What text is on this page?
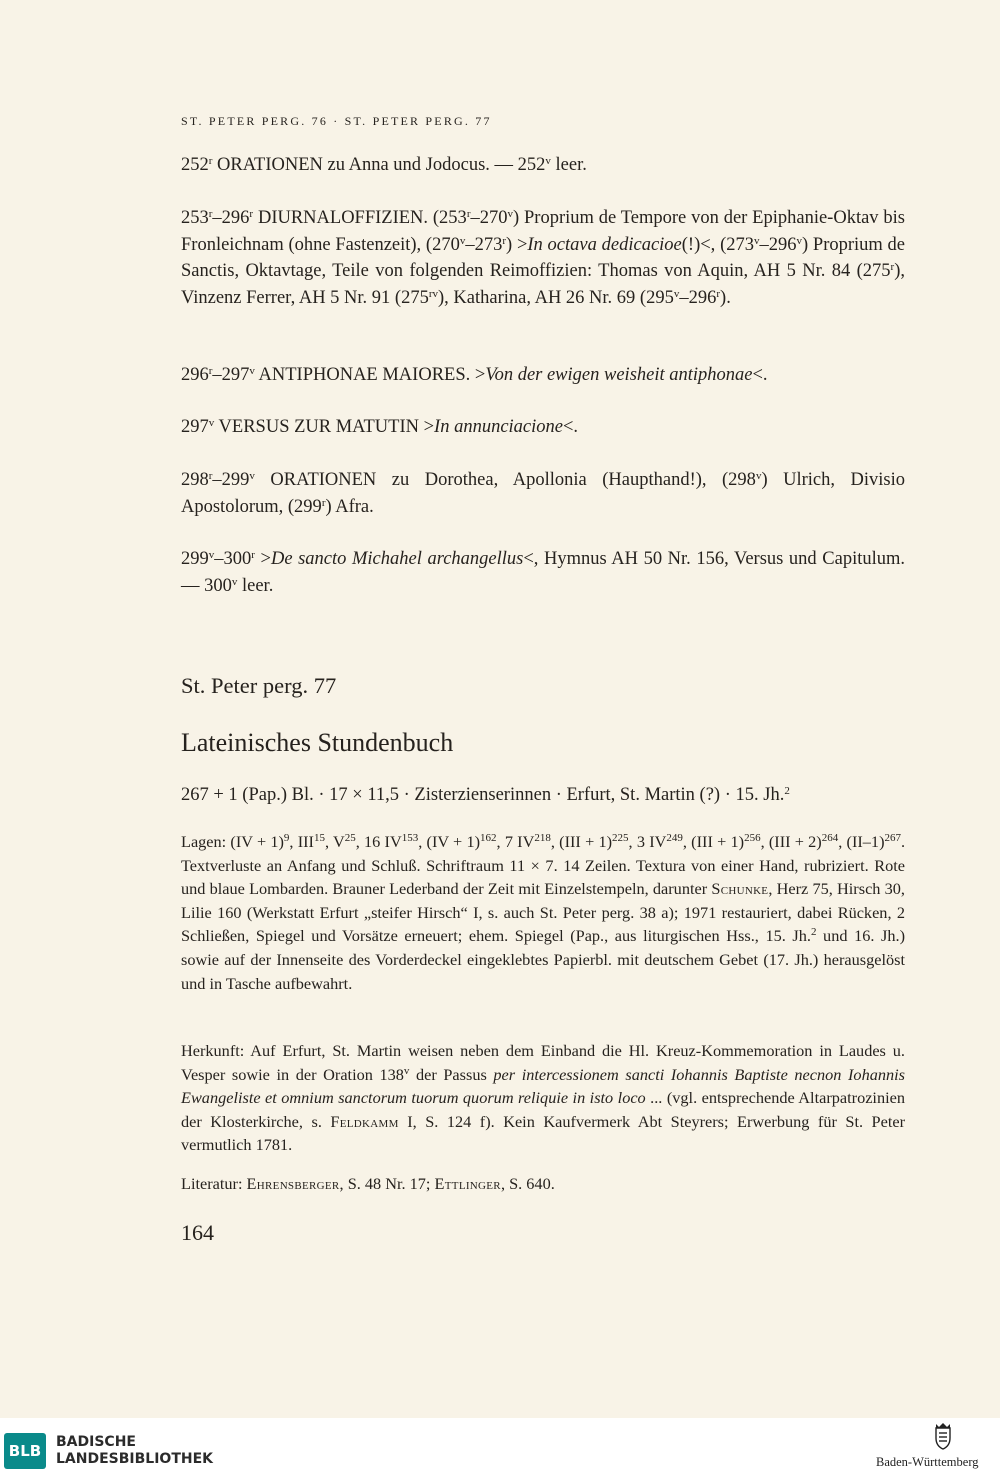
ST. PETER PERG. 76 · ST. PETER PERG. 77

252$^r$ ORATIONEN zu Anna und Jodocus. — 252$^v$ leer.

253$^r$–296$^r$ DIURNALOFFIZIEN. (253$^r$–270$^v$) Proprium de Tempore von der Epiphanie-Oktav bis Fronleichnam (ohne Fastenzeit), $(270^v-273^r) >In$ octava dedicacioe(!)<, (273$^v$–296$^v$) Proprium de Sanctis, Oktavtage, Teile von folgenden Reimoffizien: Thomas von Aquin, AH 5 Nr. 84 (275$^r$), Vinzenz Ferrer, AH 5 Nr. 91 $(275^{rv})$, Katharina, AH 26 Nr. 69 (295$^v$–296$^r$).

296$^r$–297$^v$ ANTIPHONAE MAIORES. >Von der ewigen weisheit antiphonae<.

297$^v$ VERSUS ZUR MATUTIN >In annunciacione<.

298$^r$–299$^v$ ORATIONEN zu Dorothea, Apollonia (Haupthand!), (298$^v$) Ulrich, Divisio Apostolorum, (299$^r$) Afra.

$299^v-300^r >De$ sancto Michahel archangellus<, Hymnus AH 50 Nr. 156, Versus und Capitulum. — 300$^v$ leer.

St. Peter perg. 77
Lateinisches Stundenbuch

267 + 1 (Pap.) Bl. · 17 × 11,5 · Zisterzienserinnen · Erfurt, St. Martin (?) · 15. Jh.$^2$

Lagen: (IV + 1)$^9$, III$^{15}$, $V^{25}$, 16 IV$^{153}$, (IV + 1)$^{162}$, 7 IV$^{218}$, (III + 1)$^{225}$, 3 IV$^{249}$, (III + 1)$^{256}$, (III + 2)$^{264}$, $(II-1)^{267}$. Textverluste an Anfang und Schluß. Schriftraum 11 × 7. 14 Zeilen. Textura von einer Hand, rubriziert. Rote und blaue Lombarden. Brauner Lederband der Zeit mit Einzelstempeln, darunter Schunke, Herz 75, Hirsch 30, Lilie 160 (Werkstatt Erfurt „steifer Hirsch“ I, s. auch St. Peter perg. 38 a); 1971 restauriert, dabei Rücken, 2 Schließen, Spiegel und Vorsätze erneuert; ehem. Spiegel (Pap., aus liturgischen Hss., 15. Jh.$^2$ und 16. Jh.) sowie auf der Innenseite des Vorderdeckel eingeklebtes Papierbl. mit deutschem Gebet (17. Jh.) herausgelöst und in Tasche aufbewahrt.

Herkunft: Auf Erfurt, St. Martin weisen neben dem Einband die Hl. Kreuz-Kommemoration in Laudes u. Vesper sowie in der Oration 138$^v$ der Passus per intercessionem sancti Iohannis Baptiste necnon Iohannis Ewangeliste et omnium sanctorum tuorum quorum reliquie in isto loco ... (vgl. entsprechende Altarpatrozinien der Klosterkirche, s. Feldkamm I, S. 124 f). Kein Kaufvermerk Abt Steyrers; Erwerbung für St. Peter vermutlich 1781.

Literatur: Ehrensberger, S. 48 Nr. 17; Ettlinger, S. 640.

164
BLB	BADISCHE
LANDESBIBLIOTHEK	Baden-Württemberg
